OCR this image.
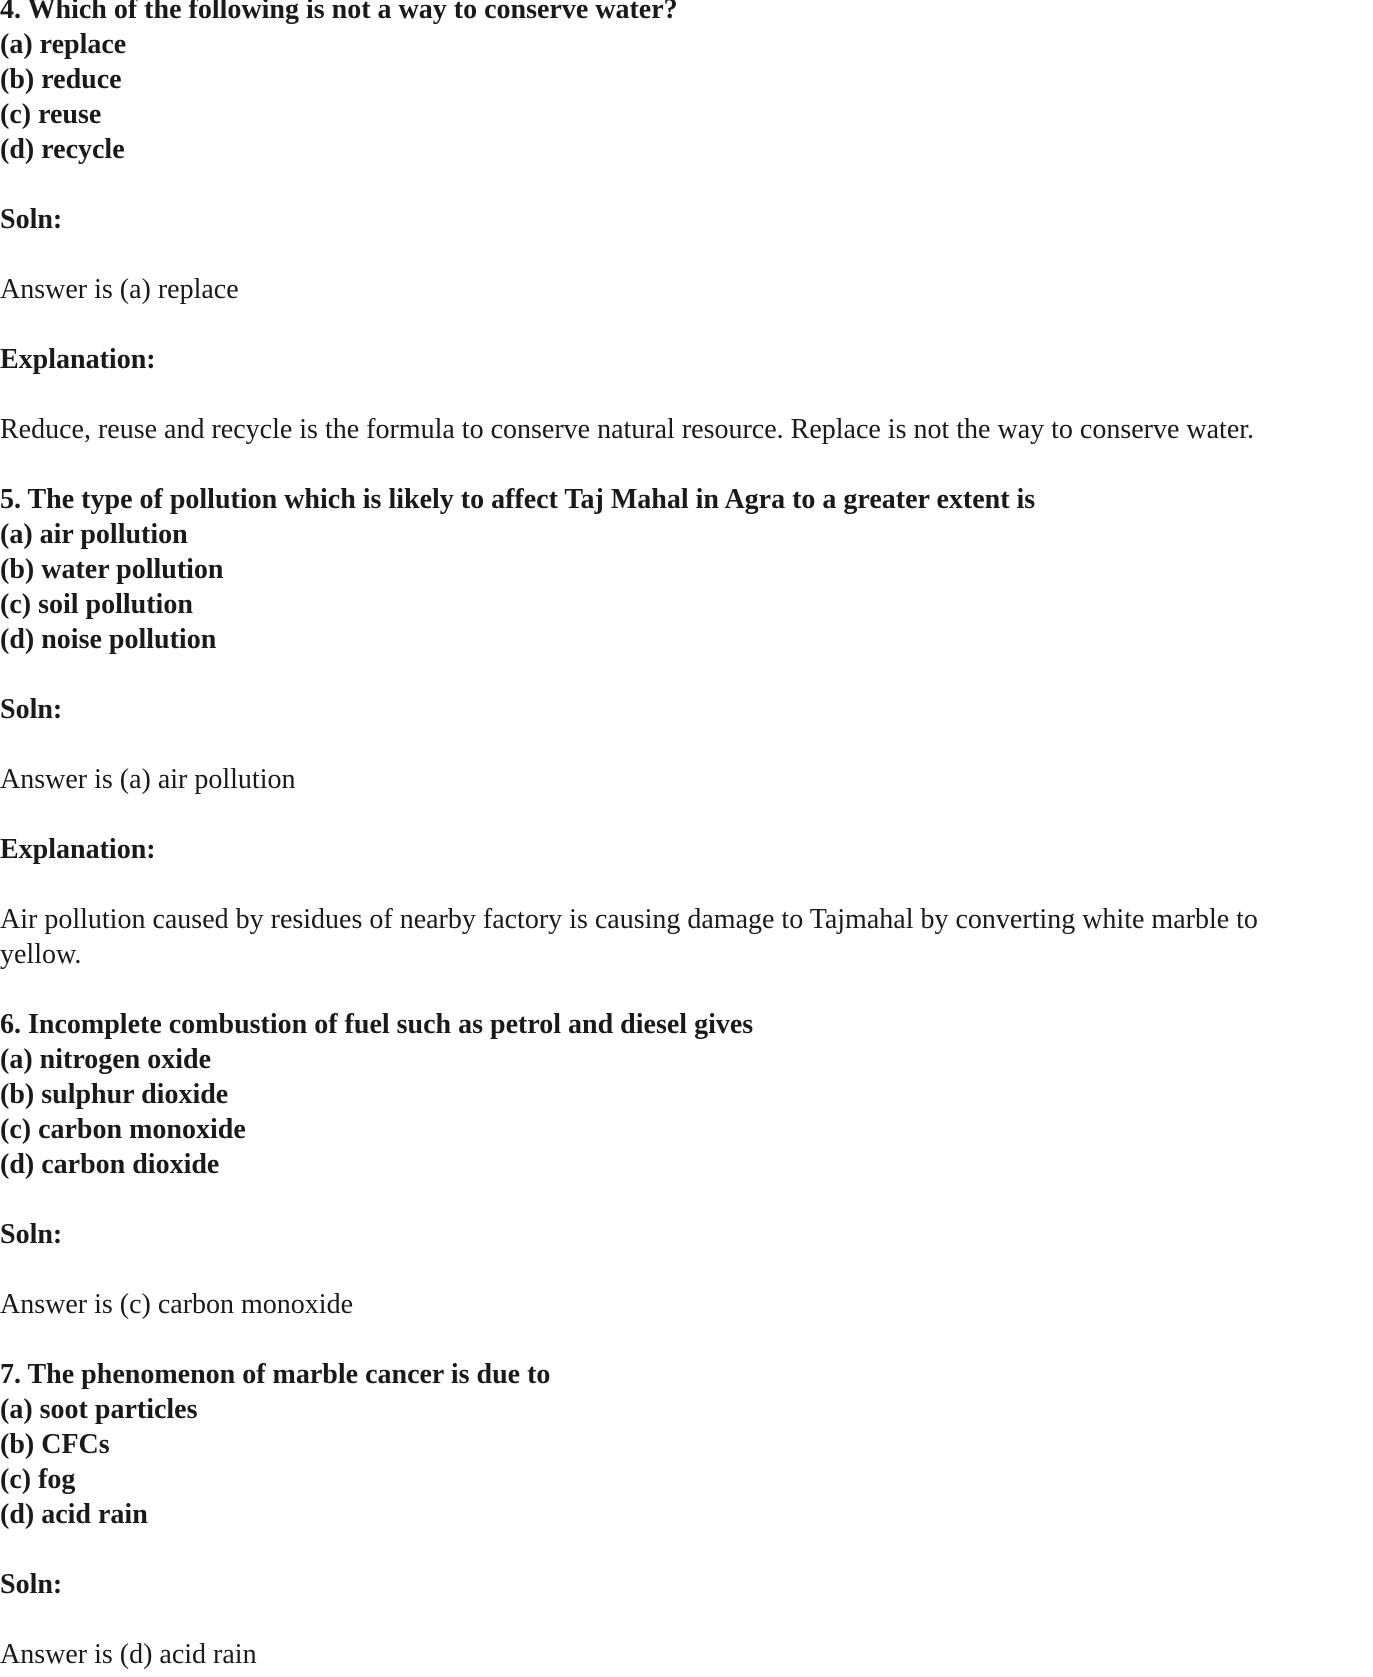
4. Which of the following is not a way to conserve water?

(a) replace

(b) reduce

(c) reuse

(d) recycle

Soln:

Answer is (a) replace

Explanation:

Reduce, reuse and recycle is the formula to conserve natural resource. Replace is not the way to conserve water.

5. The type of pollution which is likely to affect Taj Mahal in Agra to a greater extent is

(a) air pollution

(b) water pollution

(c) soil pollution

(d) noise pollution

Soln:

Answer is (a) air pollution

Explanation:

Air pollution caused by residues of nearby factory is causing damage to Tajmahal by converting white marble to

yellow.

6. Incomplete combustion of fuel such as petrol and diesel gives

(a) nitrogen oxide

(b) sulphur dioxide

(c) carbon monoxide

(d) carbon dioxide

Soln:

Answer is (c) carbon monoxide

7. The phenomenon of marble cancer is due to

(a) soot particles

(b) CFCs

(c) fog

(d) acid rain

Soln:

Answer is (d) acid rain
